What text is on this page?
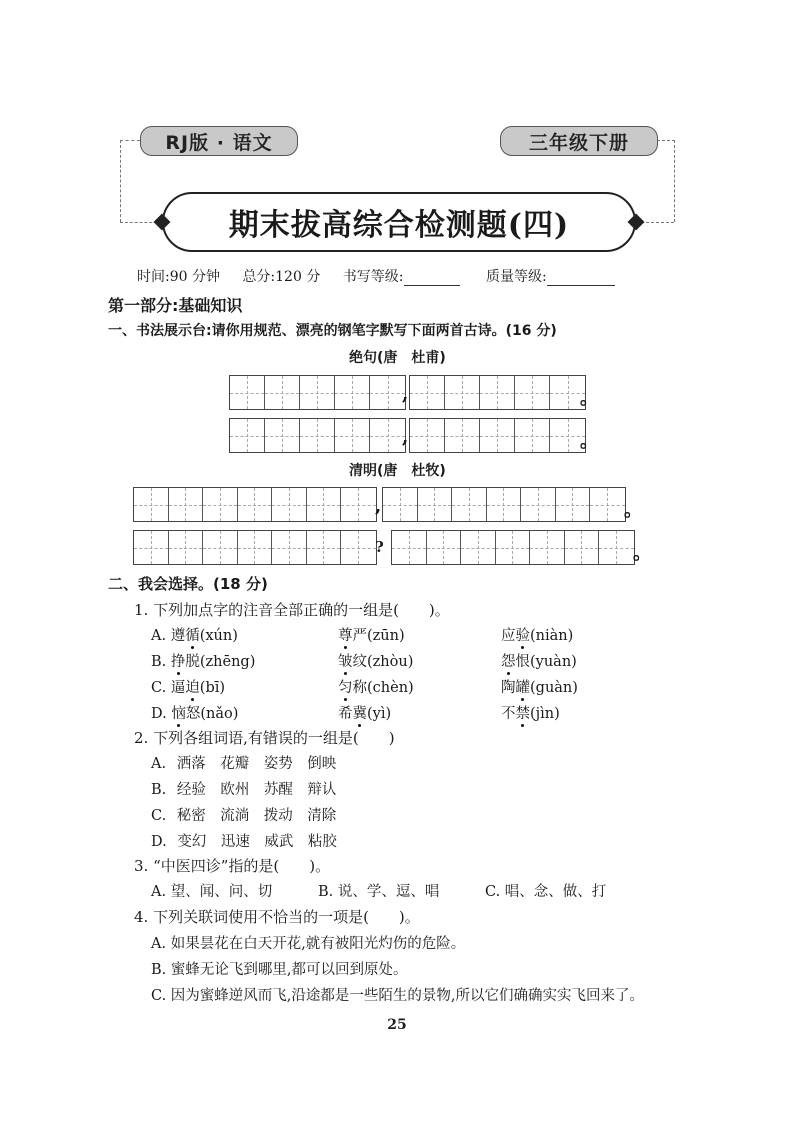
RJ版 · 语文	三年级下册
期末拔高综合检测题(四)
时间:90 分钟 总分:120 分 书写等级:	质量等级:
第一部分:基础知识
一、书法展示台:请你用规范、漂亮的钢笔字默写下面两首古诗。(16 分)
绝句(唐　杜甫)
,	。
,	。
清明(唐　杜牧)
,	。
?	。
二、我会选择。(18 分)
1. 下列加点字的注音全部正确的一组是(　　)。
A. 遵循(xún)	尊严(zūn)	应验(niàn)
B. 挣脱(zhēng)	皱纹(zhòu)	怨恨(yuàn)
C. 逼迫(bī)	匀称(chèn)	陶罐(guàn)
D. 恼怒(nǎo)	希冀(yì)	不禁(jìn)
2. 下列各组词语,有错误的一组是(　　)
A. 洒落　花瓣　姿势　倒映
B. 经验　欧州　苏醒　辩认
C. 秘密　流淌　拨动　清除
D. 变幻　迅速　威武　粘胶
3. “中医四诊”指的是(　　)。
A. 望、闻、问、切	B. 说、学、逗、唱	C. 唱、念、做、打
4. 下列关联词使用不恰当的一项是(　　)。
A. 如果昙花在白天开花,就有被阳光灼伤的危险。
B. 蜜蜂无论飞到哪里,都可以回到原处。
C. 因为蜜蜂逆风而飞,沿途都是一些陌生的景物,所以它们确确实实飞回来了。
25
